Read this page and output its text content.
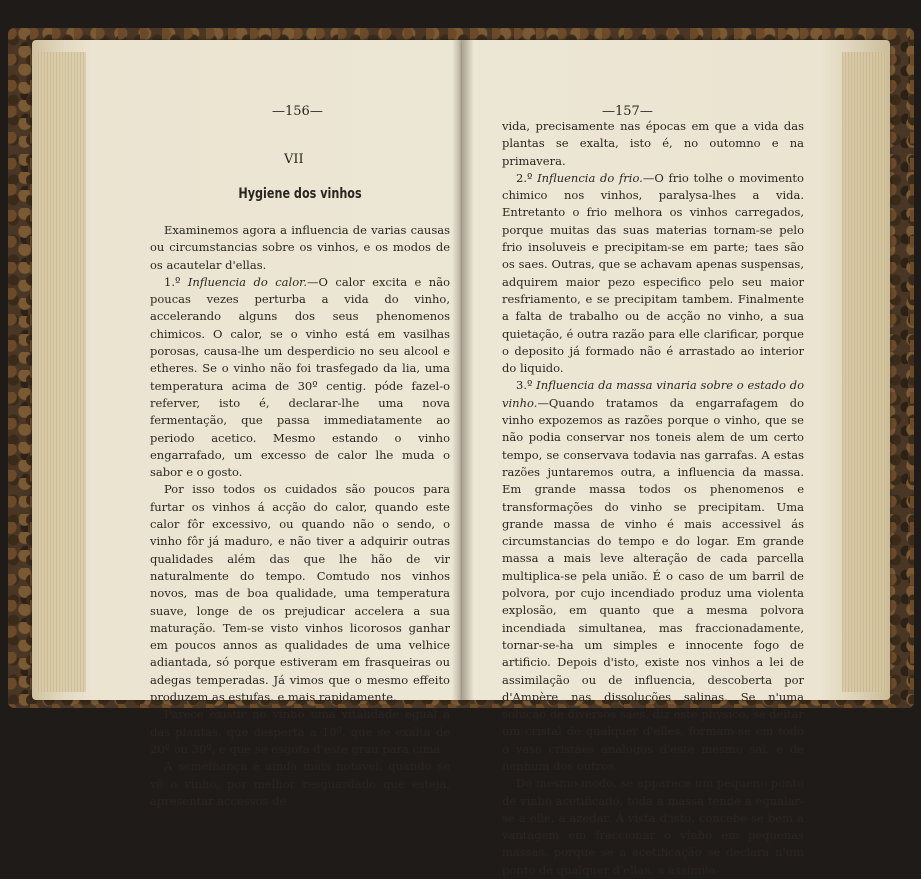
—156—
VII
Hygiene dos vinhos

Examinemos agora a influencia de varias causas ou circumstancias sobre os vinhos, e os modos de os acautelar d'ellas.

1.º Influencia do calor.—O calor excita e não poucas vezes perturba a vida do vinho, accelerando alguns dos seus phenomenos chimicos. O calor, se o vinho está em vasilhas porosas, causa-lhe um desperdicio no seu alcool e etheres. Se o vinho não foi trasfegado da lia, uma temperatura acima de 30º centig. póde fazel-o referver, isto é, declarar-lhe uma nova fermentação, que passa immediatamente ao periodo acetico. Mesmo estando o vinho engarrafado, um excesso de calor lhe muda o sabor e o gosto.

Por isso todos os cuidados são poucos para furtar os vinhos á acção do calor, quando este calor fôr excessivo, ou quando não o sendo, o vinho fôr já maduro, e não tiver a adquirir outras qualidades além das que lhe hão de vir naturalmente do tempo. Comtudo nos vinhos novos, mas de boa qualidade, uma temperatura suave, longe de os prejudicar accelera a sua maturação. Tem-se visto vinhos licorosos ganhar em poucos annos as qualidades de uma velhice adiantada, só porque estiveram em frasqueiras ou adegas temperadas. Já vimos que o mesmo effeito produzem as estufas, e mais rapidamente.

Parece existir no vinho uma vitalidade egual á das plantas, que desperta a 10º, que se exalta de 20º ou 30º, e que se esgota d'este grau para cima.

A semelhança é ainda mais notavel, quando se vê o vinho, por melhor resguardado que esteja, apresentar accessos de

—157—

vida, precisamente nas épocas em que a vida das plantas se exalta, isto é, no outomno e na primavera.

2.º Influencia do frio.—O frio tolhe o movimento chimico nos vinhos, paralysa-lhes a vida. Entretanto o frio melhora os vinhos carregados, porque muitas das suas materias tornam-se pelo frio insoluveis e precipitam-se em parte; taes são os saes. Outras, que se achavam apenas suspensas, adquirem maior pezo especifico pelo seu maior resfriamento, e se precipitam tambem. Finalmente a falta de trabalho ou de acção no vinho, a sua quietação, é outra razão para elle clarificar, porque o deposito já formado não é arrastado ao interior do liquido.

3.º Influencia da massa vinaria sobre o estado do vinho.—Quando tratamos da engarrafagem do vinho expozemos as razões porque o vinho, que se não podia conservar nos toneis alem de um certo tempo, se conservava todavia nas garrafas. A estas razões juntaremos outra, a influencia da massa. Em grande massa todos os phenomenos e transformações do vinho se precipitam. Uma grande massa de vinho é mais accessivel ás circumstancias do tempo e do logar. Em grande massa a mais leve alteração de cada parcella multiplica-se pela união. É o caso de um barril de polvora, por cujo incendiado produz uma violenta explosão, em quanto que a mesma polvora incendiada simultanea, mas fraccionadamente, tornar-se-ha um simples e innocente fogo de artificio. Depois d'isto, existe nos vinhos a lei de assimilação ou de influencia, descoberta por d'Ampère nas dissoluções salinas. Se n'uma solução de diversos saes, diz este physico, se deitar um cristal de qualquer d'elles, formam-se em todo o vaso cristaes analogos d'este mesmo sal, e de nenhum dos outros.

Do mesmo modo, se apparece um pequeno ponto de vinho acetificado, toda a massa tende a egualar-se a elle, a azedar. Á vista d'isto, concebe-se bem a vantagem em fraccionar o vinho em pequenas massas, porque se a acetificação se declara n'um ponto de qualquer d'ellas, a assimila-
